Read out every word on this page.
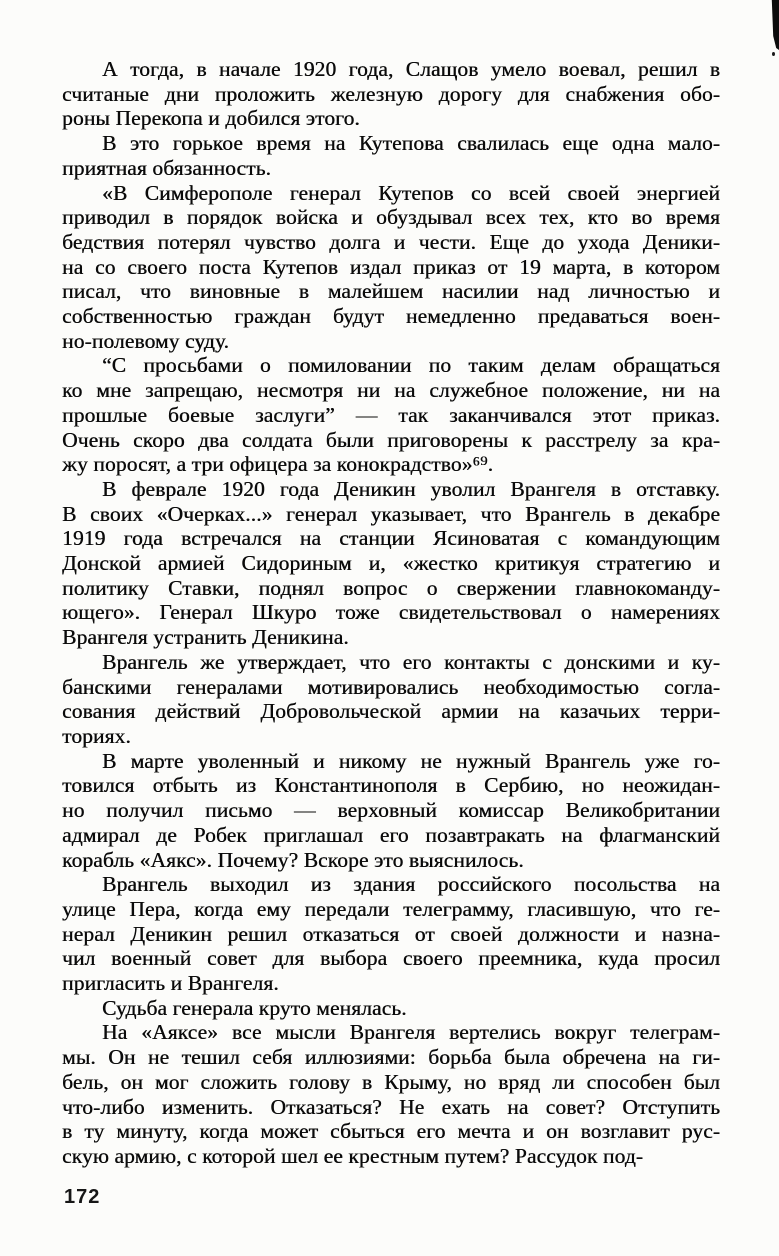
А тогда, в начале 1920 года, Слащов умело воевал, решил в
считаные дни проложить железную дорогу для снабжения обо-
роны Перекопа и добился этого.
В это горькое время на Кутепова свалилась еще одна мало-
приятная обязанность.
«В Симферополе генерал Кутепов со всей своей энергией
приводил в порядок войска и обуздывал всех тех, кто во время
бедствия потерял чувство долга и чести. Еще до ухода Деники-
на со своего поста Кутепов издал приказ от 19 марта, в котором
писал, что виновные в малейшем насилии над личностью и
собственностью граждан будут немедленно предаваться воен-
но-полевому суду.
“С просьбами о помиловании по таким делам обращаться
ко мне запрещаю, несмотря ни на служебное положение, ни на
прошлые боевые заслуги” — так заканчивался этот приказ.
Очень скоро два солдата были приговорены к расстрелу за кра-
жу поросят, а три офицера за конокрадство»⁶⁹.
В феврале 1920 года Деникин уволил Врангеля в отставку.
В своих «Очерках...» генерал указывает, что Врангель в декабре
1919 года встречался на станции Ясиноватая с командующим
Донской армией Сидориным и, «жестко критикуя стратегию и
политику Ставки, поднял вопрос о свержении главнокоманду-
ющего». Генерал Шкуро тоже свидетельствовал о намерениях
Врангеля устранить Деникина.
Врангель же утверждает, что его контакты с донскими и ку-
банскими генералами мотивировались необходимостью согла-
сования действий Добровольческой армии на казачьих терри-
ториях.
В марте уволенный и никому не нужный Врангель уже го-
товился отбыть из Константинополя в Сербию, но неожидан-
но получил письмо — верховный комиссар Великобритании
адмирал де Робек приглашал его позавтракать на флагманский
корабль «Аякс». Почему? Вскоре это выяснилось.
Врангель выходил из здания российского посольства на
улице Пера, когда ему передали телеграмму, гласившую, что ге-
нерал Деникин решил отказаться от своей должности и назна-
чил военный совет для выбора своего преемника, куда просил
пригласить и Врангеля.
Судьба генерала круто менялась.
На «Аяксе» все мысли Врангеля вертелись вокруг телеграм-
мы. Он не тешил себя иллюзиями: борьба была обречена на ги-
бель, он мог сложить голову в Крыму, но вряд ли способен был
что-либо изменить. Отказаться? Не ехать на совет? Отступить
в ту минуту, когда может сбыться его мечта и он возглавит рус-
скую армию, с которой шел ее крестным путем? Рассудок под-
172
